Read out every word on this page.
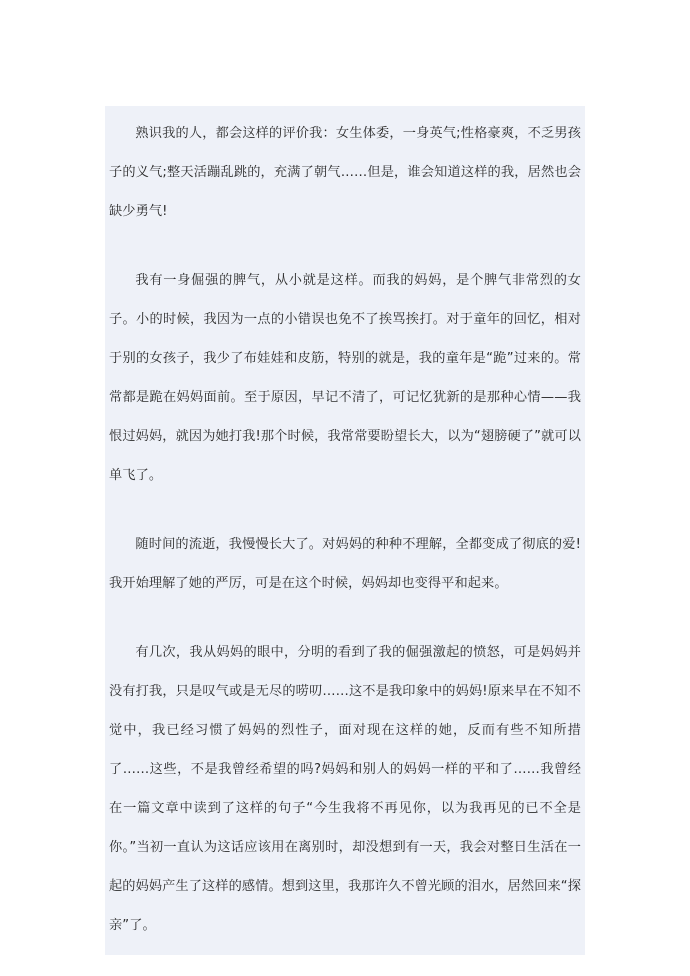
熟识我的人，都会这样的评价我：女生体委，一身英气;性格豪爽，不乏男孩子的义气;整天活蹦乱跳的，充满了朝气……但是，谁会知道这样的我，居然也会缺少勇气!

我有一身倔强的脾气，从小就是这样。而我的妈妈，是个脾气非常烈的女子。小的时候，我因为一点的小错误也免不了挨骂挨打。对于童年的回忆，相对于别的女孩子，我少了布娃娃和皮筋，特别的就是，我的童年是“跪”过来的。常常都是跪在妈妈面前。至于原因，早记不清了，可记忆犹新的是那种心情——我恨过妈妈，就因为她打我!那个时候，我常常要盼望长大，以为“翅膀硬了”就可以单飞了。

随时间的流逝，我慢慢长大了。对妈妈的种种不理解，全都变成了彻底的爱!我开始理解了她的严厉，可是在这个时候，妈妈却也变得平和起来。

有几次，我从妈妈的眼中，分明的看到了我的倔强激起的愤怒，可是妈妈并没有打我，只是叹气或是无尽的唠叨……这不是我印象中的妈妈!原来早在不知不觉中，我已经习惯了妈妈的烈性子，面对现在这样的她，反而有些不知所措了……这些，不是我曾经希望的吗?妈妈和别人的妈妈一样的平和了……我曾经在一篇文章中读到了这样的句子“今生我将不再见你，以为我再见的已不全是你。”当初一直认为这话应该用在离别时，却没想到有一天，我会对整日生活在一起的妈妈产生了这样的感情。想到这里，我那许久不曾光顾的泪水，居然回来“探亲”了。
